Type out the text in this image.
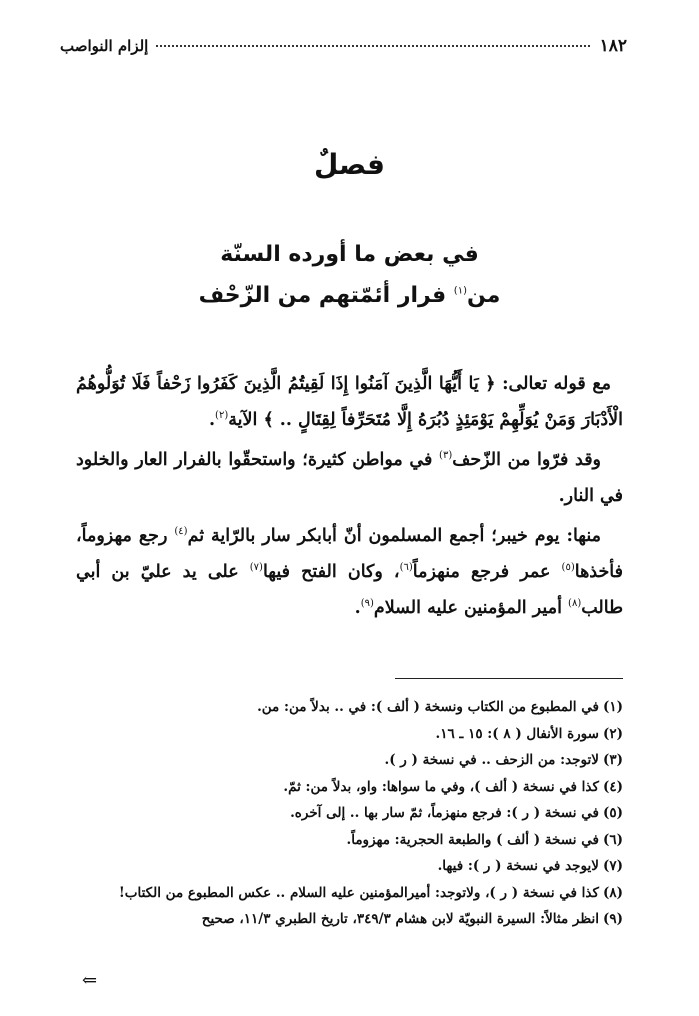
١٨٢
إلزام النواصب
فصلٌ
في بعض ما أورده السنّة
من$^{(١)}$ فرار أئمّتهم من الزّحْف

مع قوله تعالى: ﴿ يَا أَيُّهَا الَّذِينَ آمَنُوا إِذَا لَقِيتُمُ الَّذِينَ كَفَرُوا زَحْفاً فَلَا تُوَلُّوهُمُ الْأَدْبَارَ وَمَنْ يُوَلِّهِمْ يَوْمَئِذٍ دُبُرَهُ إِلَّا مُتَحَرِّفاً لِقِتَالٍ .. ﴾ الآية$^{(٢)}$.

وقد فرّوا من الزّحف$^{(٣)}$ في مواطن كثيرة؛ واستحقّوا بالفرار العار والخلود في النار.

منها: يوم خيبر؛ أجمع المسلمون أنّ أبابكر سار بالرّاية ثم$^{(٤)}$ رجع مهزوماً، فأخذها$^{(٥)}$ عمر فرجع منهزماً$^{(٦)}$، وكان الفتح فيها$^{(٧)}$ على يد عليّ بن أبي طالب$^{(٨)}$ أمير المؤمنين عليه السلام$^{(٩)}$.

(١)في المطبوع من الكتاب ونسخة ( ألف ): في .. بدلاً من: من.
(٢)سورة الأنفال ( ٨ ): ١٥ ـ ١٦.
(٣)لاتوجد: من الزحف .. في نسخة ( ر ).
(٤)كذا في نسخة ( ألف )، وفي ما سواها: واو، بدلاً من: ثمّ.
(٥)في نسخة ( ر ): فرجع منهزماً، ثمّ سار بها .. إلى آخره.
(٦)في نسخة ( ألف ) والطبعة الحجرية: مهزوماً.
(٧)لايوجد في نسخة ( ر ): فيها.
(٨)كذا في نسخة ( ر )، ولاتوجد: أميرالمؤمنين عليه السلام .. عكس المطبوع من الكتاب!
(٩)انظر مثالاً: السيرة النبويّة لابن هشام ٣٤٩/٣، تاريخ الطبري ١١/٣، صحيح
⇐
